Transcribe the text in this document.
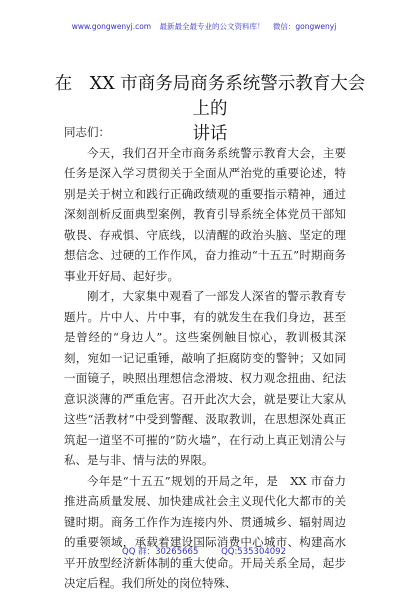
www.gongwenyj.com 最新最全最专业的公文资料库！ 微信：gongwenyj
在　XX 市商务局商务系统警示教育大会上的
讲话

同志们：

今天，我们召开全市商务系统警示教育大会，主要任务是深入学习贯彻关于全面从严治党的重要论述，特别是关于树立和践行正确政绩观的重要指示精神，通过深刻剖析反面典型案例，教育引导系统全体党员干部知敬畏、存戒惧、守底线，以清醒的政治头脑、坚定的理想信念、过硬的工作作风，奋力推动“十五五”时期商务事业开好局、起好步。

刚才，大家集中观看了一部发人深省的警示教育专题片。片中人、片中事，有的就发生在我们身边，甚至是曾经的“身边人”。这些案例触目惊心，教训极其深刻，宛如一记记重锤，敲响了拒腐防变的警钟；又如同一面镜子，映照出理想信念滑坡、权力观念扭曲、纪法意识淡薄的严重危害。召开此次大会，就是要让大家从这些“活教材”中受到警醒、汲取教训，在思想深处真正筑起一道坚不可摧的“防火墙”，在行动上真正划清公与私、是与非、情与法的界限。

今年是“十五五”规划的开局之年，是　XX 市奋力推进高质量发展、加快建成社会主义现代化大都市的关键时期。商务工作作为连接内外、贯通城乡、辐射周边的重要领域，承载着建设国际消费中心城市、构建高水平开放型经济新体制的重大使命。开局关系全局，起步决定后程。我们所处的岗位特殊、

QQ 群：30265665	QQ:535304092
